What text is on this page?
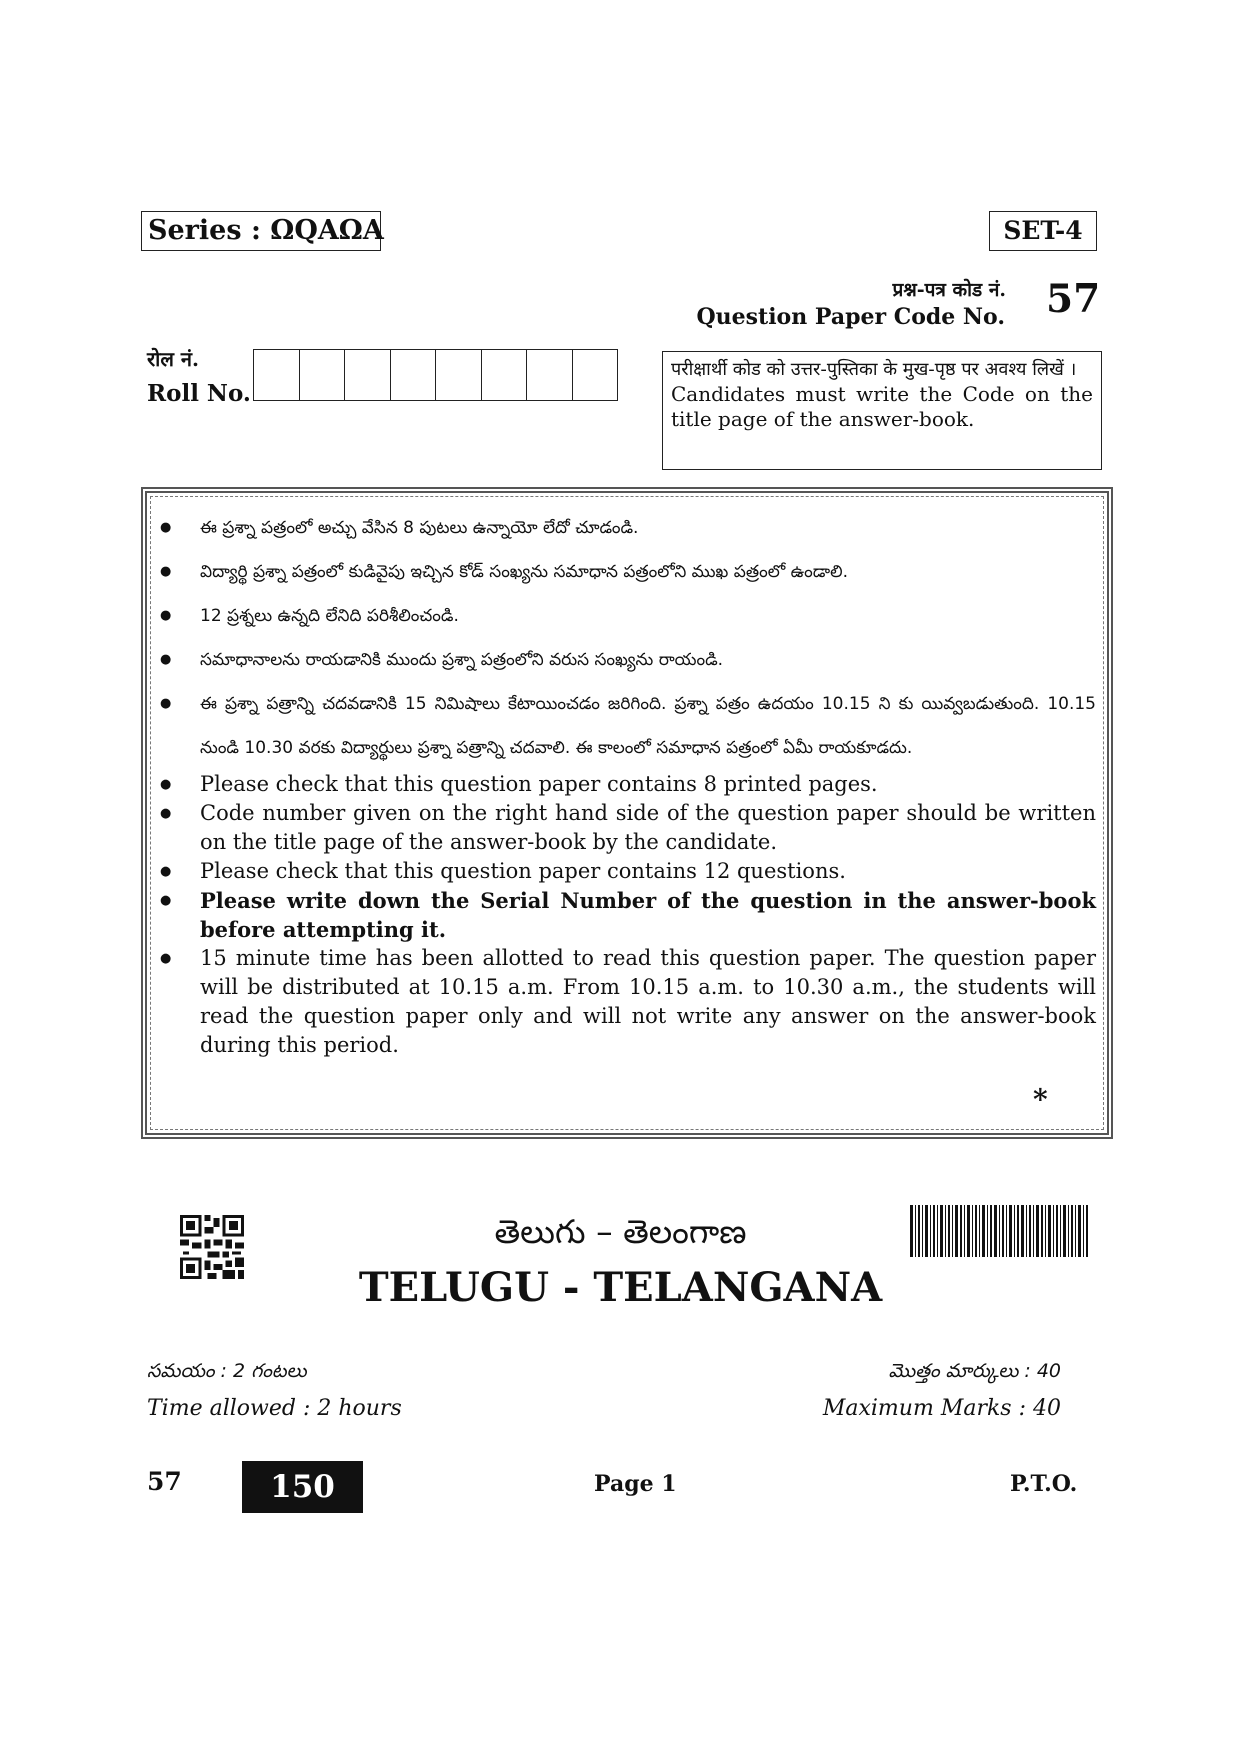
Series : ΩQAΩA	SET-4
प्रश्न-पत्र कोड नं.
Question Paper Code No. 57
रोल नं.
Roll No.
परीक्षार्थी कोड को उत्तर-पुस्तिका के मुख-पृष्ठ पर अवश्य लिखें ।
Candidates must write the Code on the title page of the answer-book.
● ఈ ప్రశ్నా పత్రంలో అచ్చు వేసిన 8 పుటలు ఉన్నాయో లేదో చూడండి.
● విద్యార్థి ప్రశ్నా పత్రంలో కుడివైపు ఇచ్చిన కోడ్ సంఖ్యను సమాధాన పత్రంలోని ముఖ పత్రంలో ఉండాలి.
● 12 ప్రశ్నలు ఉన్నది లేనిది పరిశీలించండి.
● సమాధానాలను రాయడానికి ముందు ప్రశ్నా పత్రంలోని వరుస సంఖ్యను రాయండి.
● ఈ ప్రశ్నా పత్రాన్ని చదవడానికి 15 నిమిషాలు కేటాయించడం జరిగింది. ప్రశ్నా పత్రం ఉదయం 10.15 ని కు యివ్వబడుతుంది. 10.15 నుండి 10.30 వరకు విద్యార్థులు ప్రశ్నా పత్రాన్ని చదవాలి. ఈ కాలంలో సమాధాన పత్రంలో ఏమీ రాయకూడదు.
● Please check that this question paper contains 8 printed pages.
● Code number given on the right hand side of the question paper should be written on the title page of the answer-book by the candidate.
● Please check that this question paper contains 12 questions.
● Please write down the Serial Number of the question in the answer-book before attempting it.
● 15 minute time has been allotted to read this question paper. The question paper will be distributed at 10.15 a.m. From 10.15 a.m. to 10.30 a.m., the students will read the question paper only and will not write any answer on the answer-book during this period.
*
తెలుగు – తెలంగాణ
TELUGU - TELANGANA
సమయం : 2 గంటలు
Time allowed : 2 hours
మొత్తం మార్కులు : 40
Maximum Marks : 40
57	150	Page 1	P.T.O.
